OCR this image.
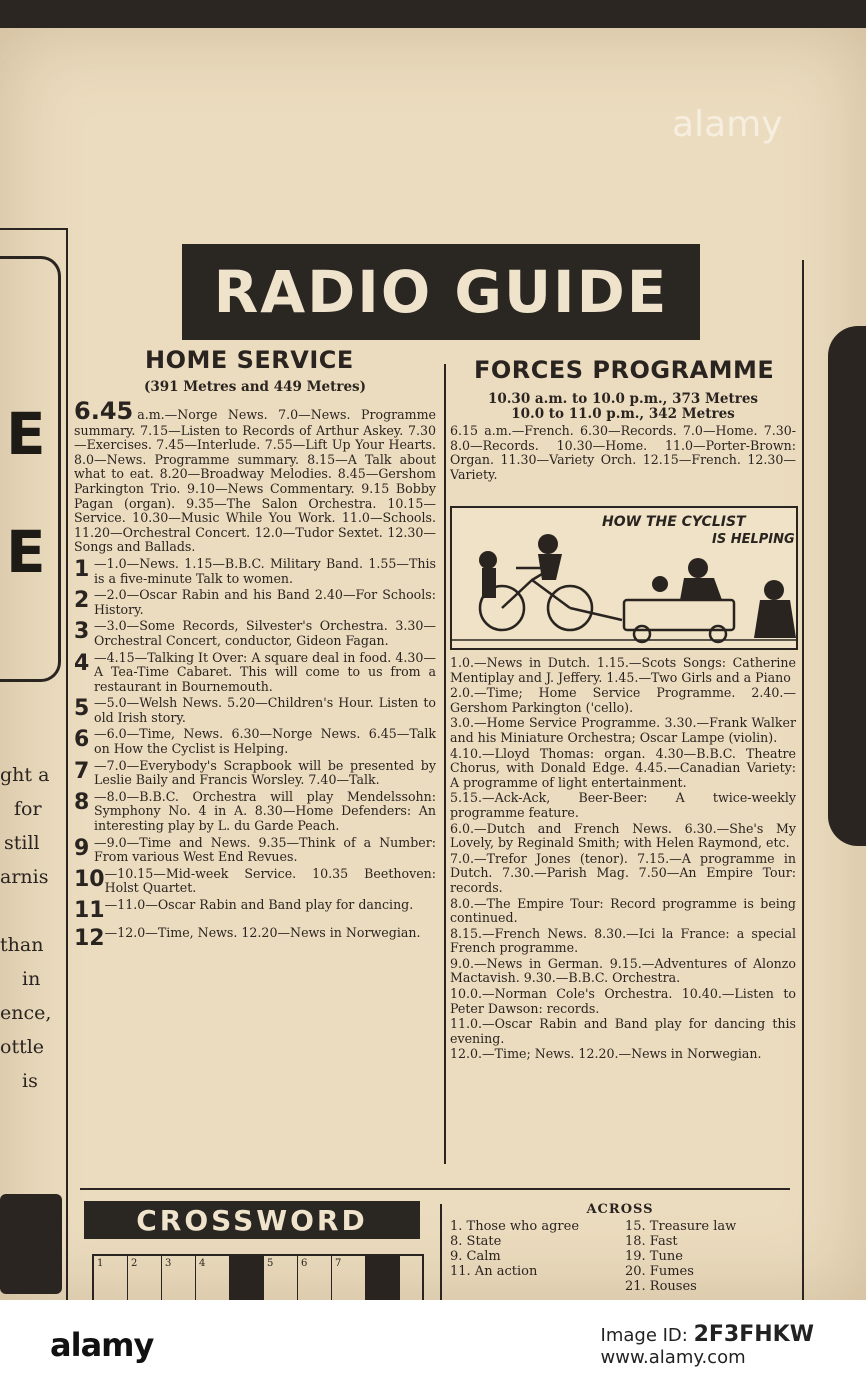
E
E
ght a
for
still
arnis
than
in
ence,
ottle
is
RADIO GUIDE
HOME SERVICE	FORCES PROGRAMME
(391 Metres and 449 Metres)
6.45 a.m.—Norge News. 7.0—News. Programme summary. 7.15—Listen to Records of Arthur Askey. 7.30—Exercises. 7.45—Interlude. 7.55—Lift Up Your Hearts. 8.0—News. Programme summary. 8.15—A Talk about what to eat. 8.20—Broadway Melodies. 8.45—Gershom Parkington Trio. 9.10—News Commentary. 9.15 Bobby Pagan (organ). 9.35—The Salon Orchestra. 10.15—Service. 10.30—Music While You Work. 11.0—Schools. 11.20—Orchestral Concert. 12.0—Tudor Sextet. 12.30—Songs and Ballads.
1 —1.0—News. 1.15—B.B.C. Military Band. 1.55—This is a five-minute Talk to women.
2 —2.0—Oscar Rabin and his Band 2.40—For Schools: History.
3 —3.0—Some Records, Silvester's Orchestra. 3.30—Orchestral Concert, conductor, Gideon Fagan.
4 —4.15—Talking It Over: A square deal in food. 4.30—A Tea-Time Cabaret. This will come to us from a restaurant in Bournemouth.
5 —5.0—Welsh News. 5.20—Children's Hour. Listen to old Irish story.
6 —6.0—Time, News. 6.30—Norge News. 6.45—Talk on How the Cyclist is Helping.
7 —7.0—Everybody's Scrapbook will be presented by Leslie Baily and Francis Worsley. 7.40—Talk.
8 —8.0—B.B.C. Orchestra will play Mendelssohn: Symphony No. 4 in A. 8.30—Home Defenders: An interesting play by L. du Garde Peach.
9 —9.0—Time and News. 9.35—Think of a Number: From various West End Revues.
10 —10.15—Mid-week Service. 10.35 Beethoven: Holst Quartet.
11 —11.0—Oscar Rabin and Band play for dancing.
12 —12.0—Time, News. 12.20—News in Norwegian.
10.30 a.m. to 10.0 p.m., 373 Metres
10.0 to 11.0 p.m., 342 Metres

6.15 a.m.—French. 6.30—Records. 7.0—Home. 7.30-8.0—Records. 10.30—Home. 11.0—Porter-Brown: Organ. 11.30—Variety Orch. 12.15—French. 12.30—Variety.

HOW THE CYCLIST
IS HELPING

1.0.—News in Dutch. 1.15.—Scots Songs: Catherine Mentiplay and J. Jeffery. 1.45.—Two Girls and a Piano

2.0.—Time; Home Service Programme. 2.40.—Gershom Parkington ('cello).

3.0.—Home Service Programme. 3.30.—Frank Walker and his Miniature Orchestra; Oscar Lampe (violin).

4.10.—Lloyd Thomas: organ. 4.30—B.B.C. Theatre Chorus, with Donald Edge. 4.45.—Canadian Variety: A programme of light entertainment.

5.15.—Ack-Ack, Beer-Beer: A twice-weekly programme feature.

6.0.—Dutch and French News. 6.30.—She's My Lovely, by Reginald Smith; with Helen Raymond, etc.

7.0.—Trefor Jones (tenor). 7.15.—A programme in Dutch. 7.30.—Parish Mag. 7.50—An Empire Tour: records.

8.0.—The Empire Tour: Record programme is being continued.

8.15.—French News. 8.30.—Ici la France: a special French programme.

9.0.—News in German. 9.15.—Adventures of Alonzo Mactavish. 9.30.—B.B.C. Orchestra.

10.0.—Norman Cole's Orchestra. 10.40.—Listen to Peter Dawson: records.

11.0.—Oscar Rabin and Band play for dancing this evening.

12.0.—Time; News. 12.20.—News in Norwegian.

CROSSWORD
1	2	3	4	5	6	7
ACROSS
1. Those who agree
8. State
9. Calm
11. An action
15. Treasure law
18. Fast
19. Tune
20. Fumes
21. Rouses
alamy
alamy	Image ID: 2F3FHKW
www.alamy.com
